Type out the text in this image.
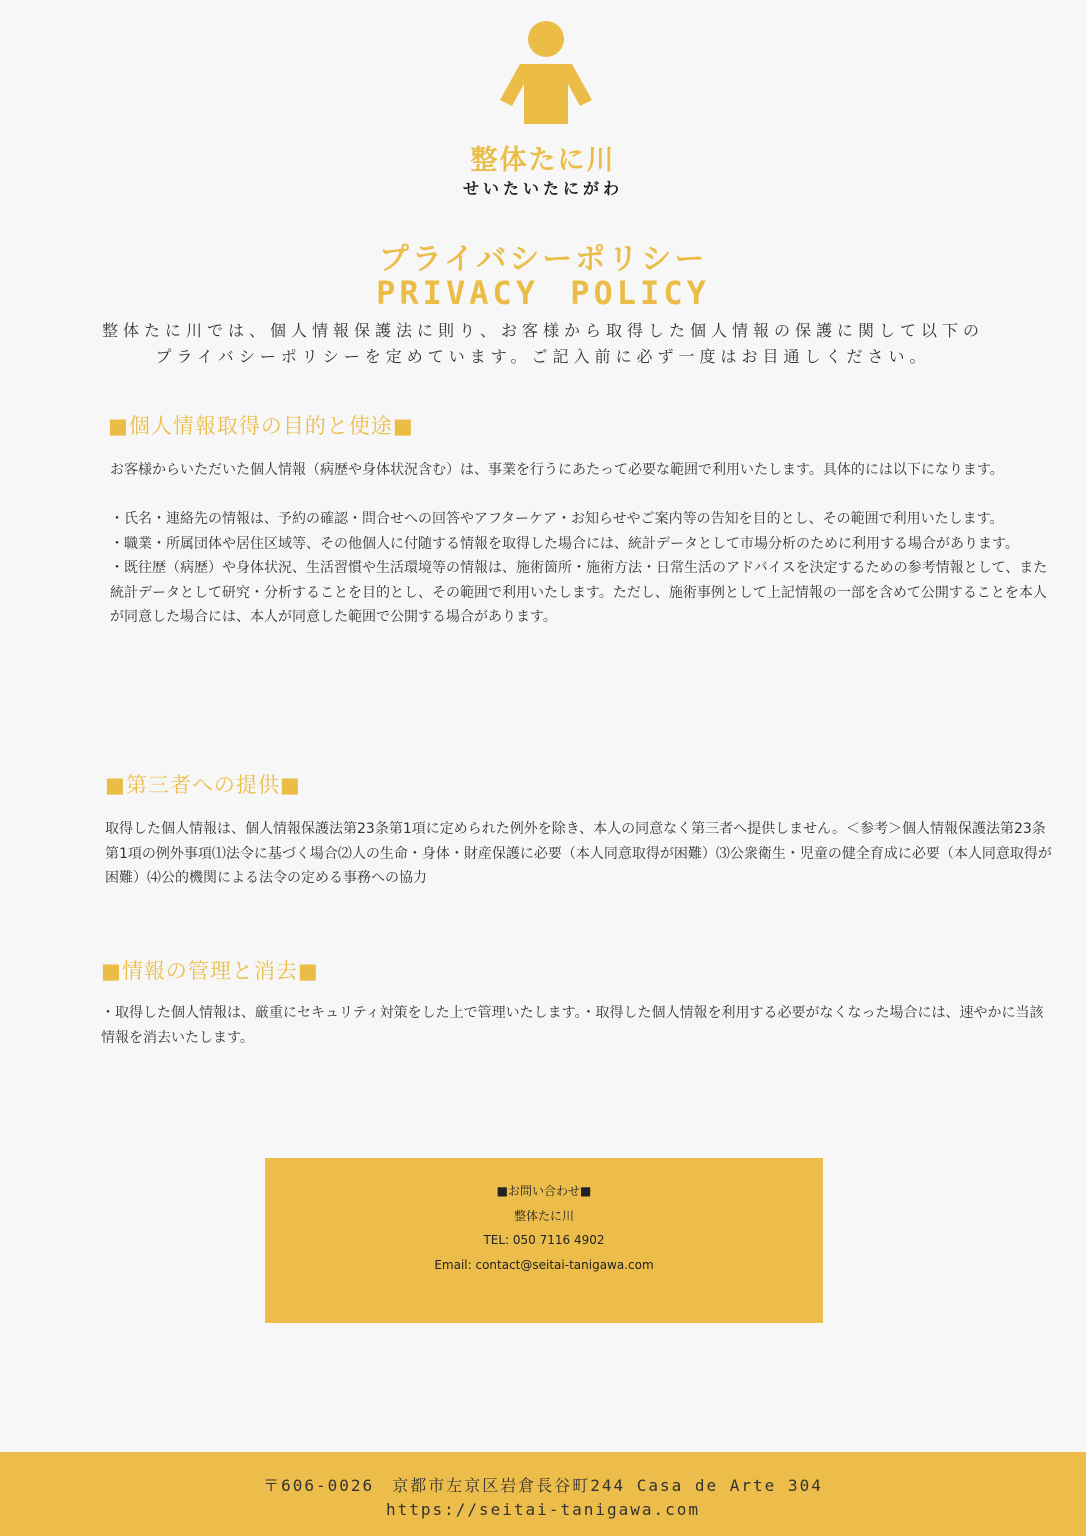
整体たに川
せいたいたにがわ
プライバシーポリシー
PRIVACY POLICY

整体たに川では、個人情報保護法に則り、お客様から取得した個人情報の保護に関して以下の

プライバシーポリシーを定めています。ご記入前に必ず一度はお目通しください。

■個人情報取得の目的と使途■

お客様からいただいた個人情報（病歴や身体状況含む）は、事業を行うにあたって必要な範囲で利用いたします。具体的には以下になります。

・氏名・連絡先の情報は、予約の確認・問合せへの回答やアフターケア・お知らせやご案内等の告知を目的とし、その範囲で利用いたします。

・職業・所属団体や居住区域等、その他個人に付随する情報を取得した場合には、統計データとして市場分析のために利用する場合があります。

・既往歴（病歴）や身体状況、生活習慣や生活環境等の情報は、施術箇所・施術方法・日常生活のアドバイスを決定するための参考情報として、また統計データとして研究・分析することを目的とし、その範囲で利用いたします。ただし、施術事例として上記情報の一部を含めて公開することを本人が同意した場合には、本人が同意した範囲で公開する場合があります。

■第三者への提供■

取得した個人情報は、個人情報保護法第23条第1項に定められた例外を除き、本人の同意なく第三者へ提供しません。＜参考＞個人情報保護法第23条第1項の例外事項⑴法令に基づく場合⑵人の生命・身体・財産保護に必要（本人同意取得が困難）⑶公衆衛生・児童の健全育成に必要（本人同意取得が困難）⑷公的機関による法令の定める事務への協力

■情報の管理と消去■

・取得した個人情報は、厳重にセキュリティ対策をした上で管理いたします。・取得した個人情報を利用する必要がなくなった場合には、速やかに当該情報を消去いたします。

■お問い合わせ■
整体たに川
TEL: 050 7116 4902
Email: contact@seitai-tanigawa.com
〒606-0026　京都市左京区岩倉長谷町244 Casa de Arte 304
https://seitai-tanigawa.com
